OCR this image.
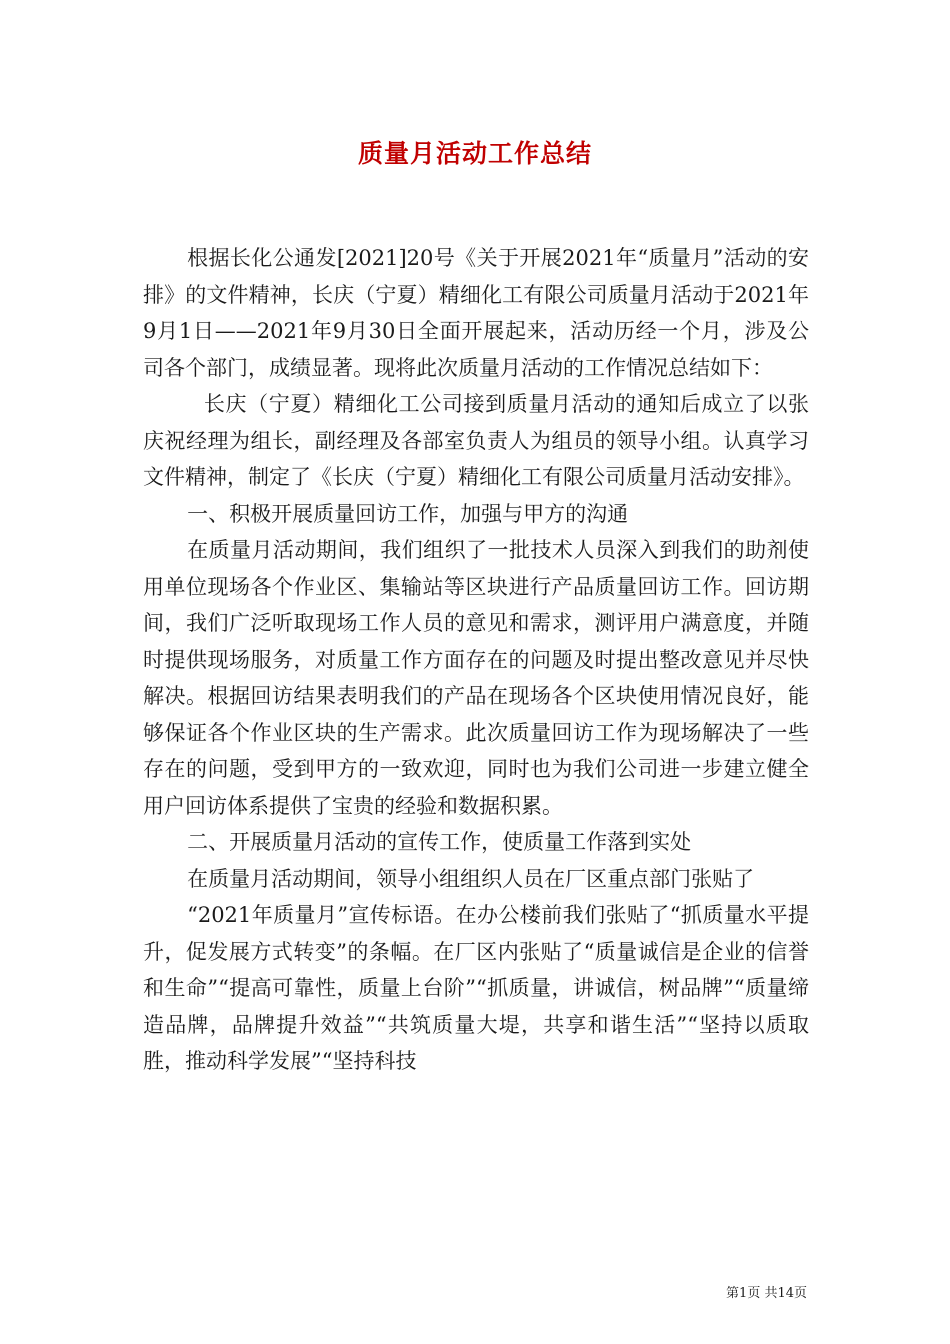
质量月活动工作总结

根据长化公通发[2021]20号《关于开展2021年“质量月”活动的安排》的文件精神，长庆（宁夏）精细化工有限公司质量月活动于2021年9月1日——2021年9月30日全面开展起来，活动历经一个月，涉及公司各个部门，成绩显著。现将此次质量月活动的工作情况总结如下：

长庆（宁夏）精细化工公司接到质量月活动的通知后成立了以张庆祝经理为组长，副经理及各部室负责人为组员的领导小组。认真学习文件精神，制定了《长庆（宁夏）精细化工有限公司质量月活动安排》。

一、积极开展质量回访工作，加强与甲方的沟通

在质量月活动期间，我们组织了一批技术人员深入到我们的助剂使用单位现场各个作业区、集输站等区块进行产品质量回访工作。回访期间，我们广泛听取现场工作人员的意见和需求，测评用户满意度，并随时提供现场服务，对质量工作方面存在的问题及时提出整改意见并尽快解决。根据回访结果表明我们的产品在现场各个区块使用情况良好，能够保证各个作业区块的生产需求。此次质量回访工作为现场解决了一些存在的问题，受到甲方的一致欢迎，同时也为我们公司进一步建立健全用户回访体系提供了宝贵的经验和数据积累。

二、开展质量月活动的宣传工作，使质量工作落到实处

在质量月活动期间，领导小组组织人员在厂区重点部门张贴了

“2021年质量月”宣传标语。在办公楼前我们张贴了“抓质量水平提升，促发展方式转变”的条幅。在厂区内张贴了“质量诚信是企业的信誉和生命”“提高可靠性，质量上台阶”“抓质量，讲诚信，树品牌”“质量缔造品牌，品牌提升效益”“共筑质量大堤，共享和谐生活”“坚持以质取胜，推动科学发展”“坚持科技

第1页 共14页
